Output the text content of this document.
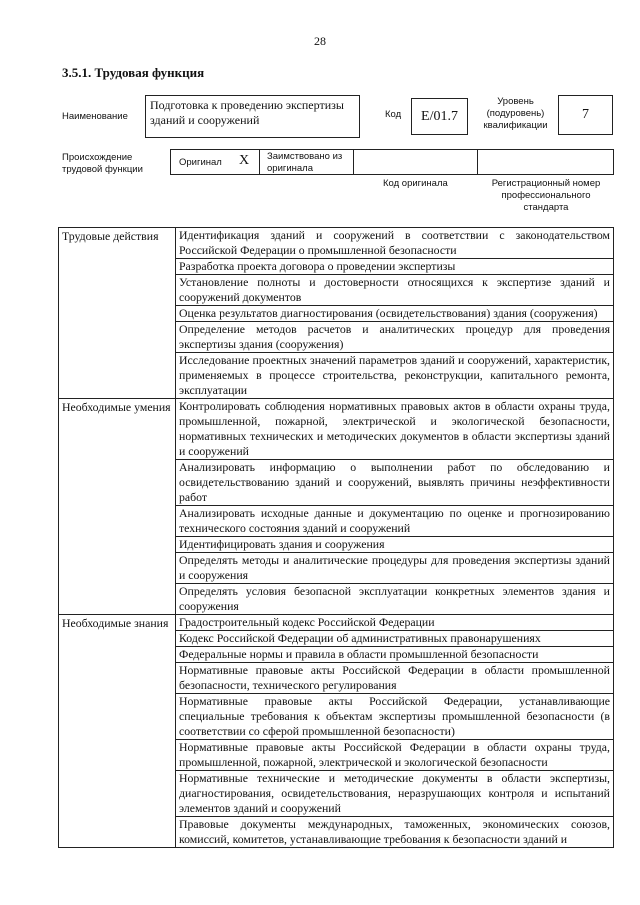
28
3.5.1. Трудовая функция
Наименование
Подготовка к проведению экспертизы зданий и сооружений	Код	Е/01.7
Уровень (подуровень) квалификации
7
Происхождение трудовой функции
Оригинал X Заимствовано из оригинала
Код оригинала	Регистрационный номер профессионального стандарта
Трудовые действия	Идентификация зданий и сооружений в соответствии с законодательством Российской Федерации о промышленной безопасности
	Разработка проекта договора о проведении экспертизы
	Установление полноты и достоверности относящихся к экспертизе зданий и сооружений документов
	Оценка результатов диагностирования (освидетельствования) здания (сооружения)
	Определение методов расчетов и аналитических процедур для проведения экспертизы здания (сооружения)
	Исследование проектных значений параметров зданий и сооружений, характеристик, применяемых в процессе строительства, реконструкции, капитального ремонта, эксплуатации
Необходимые умения	Контролировать соблюдения нормативных правовых актов в области охраны труда, промышленной, пожарной, электрической и экологической безопасности, нормативных технических и методических документов в области экспертизы зданий и сооружений
	Анализировать информацию о выполнении работ по обследованию и освидетельствованию зданий и сооружений, выявлять причины неэффективности работ
	Анализировать исходные данные и документацию по оценке и прогнозированию технического состояния зданий и сооружений
	Идентифицировать здания и сооружения
	Определять методы и аналитические процедуры для проведения экспертизы зданий и сооружения
	Определять условия безопасной эксплуатации конкретных элементов здания и сооружения
Необходимые знания	Градостроительный кодекс Российской Федерации
	Кодекс Российской Федерации об административных правонарушениях
	Федеральные нормы и правила в области промышленной безопасности
	Нормативные правовые акты Российской Федерации в области промышленной безопасности, технического регулирования
	Нормативные правовые акты Российской Федерации, устанавливающие специальные требования к объектам экспертизы промышленной безопасности (в соответствии со сферой промышленной безопасности)
	Нормативные правовые акты Российской Федерации в области охраны труда, промышленной, пожарной, электрической и экологической безопасности
	Нормативные технические и методические документы в области экспертизы, диагностирования, освидетельствования, неразрушающих контроля и испытаний элементов зданий и сооружений
	Правовые документы международных, таможенных, экономических союзов, комиссий, комитетов, устанавливающие требования к безопасности зданий и
